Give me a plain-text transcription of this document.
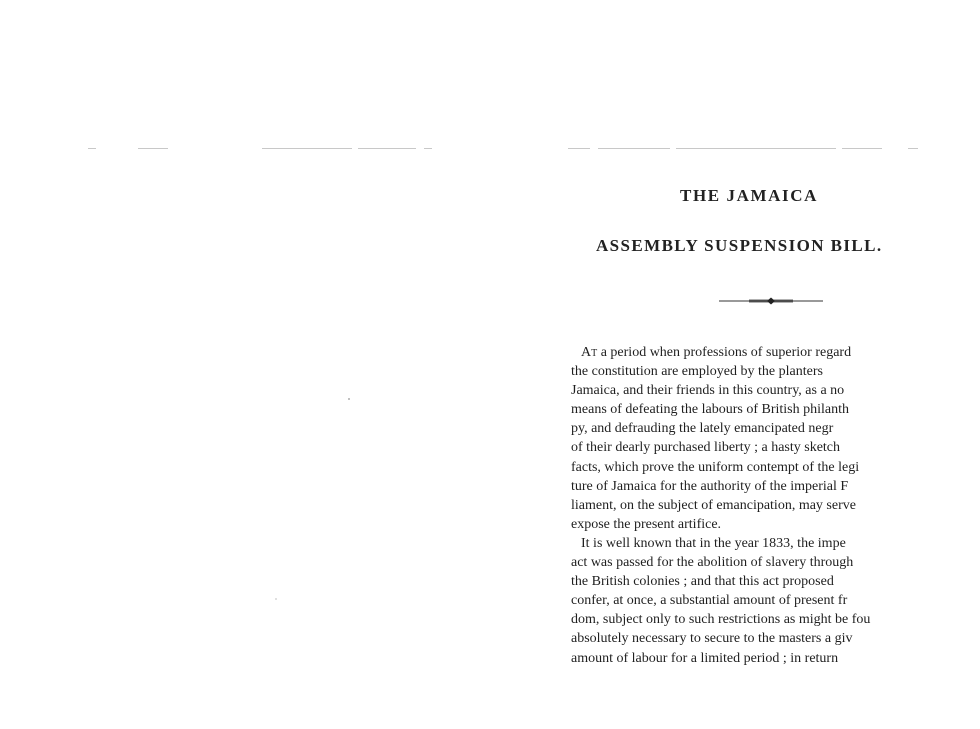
THE JAMAICA
ASSEMBLY SUSPENSION BILL.
At a period when professions of superior regard
the constitution are employed by the planters
Jamaica, and their friends in this country, as a no
means of defeating the labours of British philanth
py, and defrauding the lately emancipated negr
of their dearly purchased liberty ; a hasty sketch
facts, which prove the uniform contempt of the legi
ture of Jamaica for the authority of the imperial F
liament, on the subject of emancipation, may serve
expose the present artifice.
It is well known that in the year 1833, the impe
act was passed for the abolition of slavery through
the British colonies ; and that this act proposed
confer, at once, a substantial amount of present fr
dom, subject only to such restrictions as might be fou
absolutely necessary to secure to the masters a giv
amount of labour for a limited period ; in return
